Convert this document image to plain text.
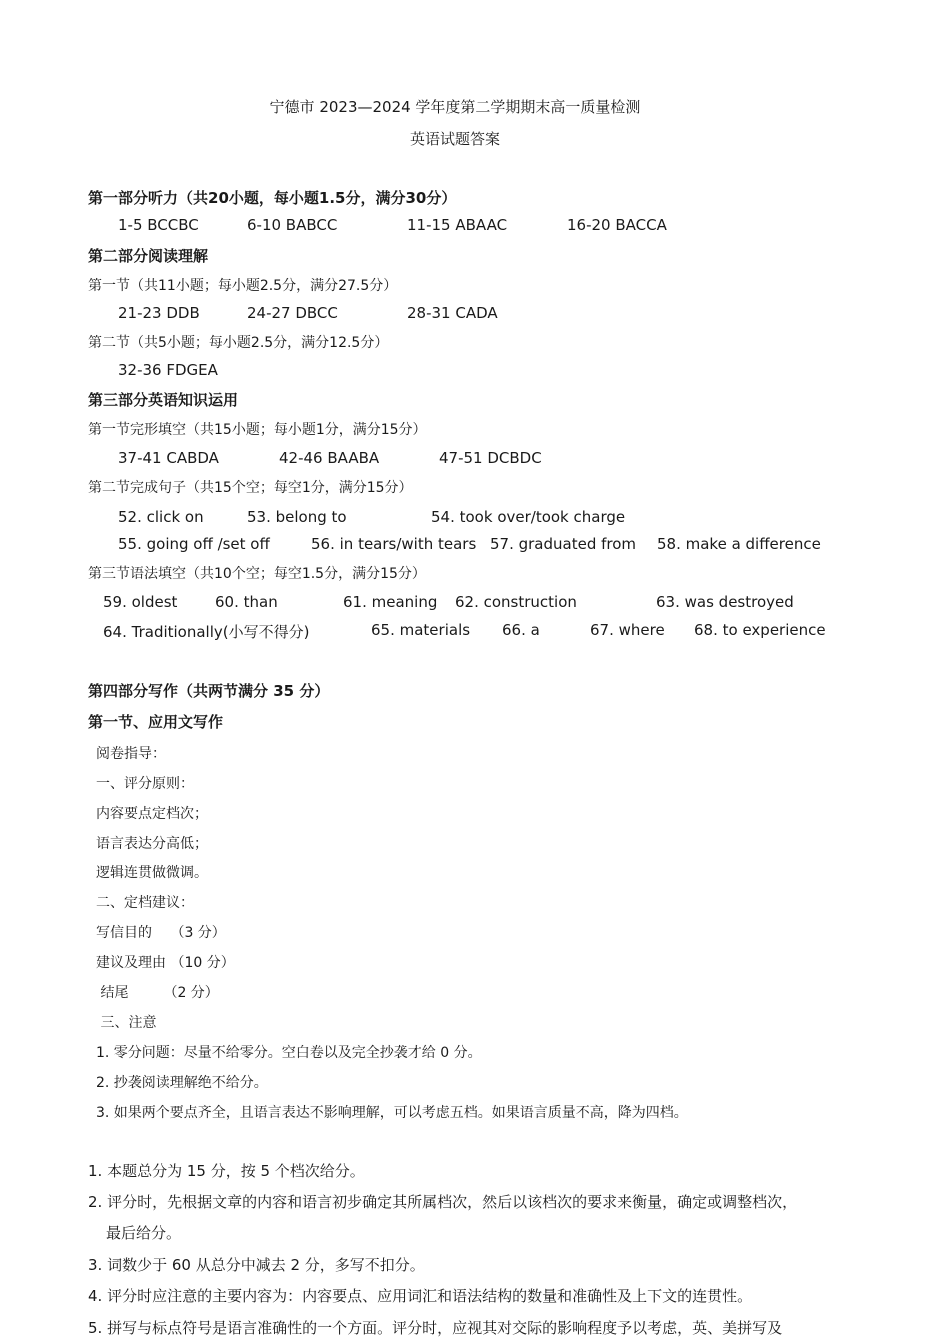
宁德市 2023—2024 学年度第二学期期末高一质量检测
英语试题答案
第一部分听力（共20小题，每小题1.5分，满分30分）
1-5 BCCBC	6-10 BABCC	11-15 ABAAC	16-20 BACCA
第二部分阅读理解
第一节（共11小题；每小题2.5分，满分27.5分）
21-23 DDB	24-27 DBCC	28-31 CADA
第二节（共5小题；每小题2.5分，满分12.5分）
32-36 FDGEA
第三部分英语知识运用
第一节完形填空（共15小题；每小题1分，满分15分）
37-41 CABDA	42-46 BAABA	47-51 DCBDC
第二节完成句子（共15个空；每空1分，满分15分）
52. click on	53. belong to	54. took over/took charge
55. going off /set off	56. in tears/with tears 57. graduated from 58. make a difference
第三节语法填空（共10个空；每空1.5分，满分15分）
59. oldest	60. than	61. meaning 62. construction	63. was destroyed
64. Traditionally(小写不得分)	65. materials 66. a	67. where 68. to experience
第四部分写作（共两节满分 35 分）
第一节、应用文写作
阅卷指导：
一、评分原则：
内容要点定档次；
语言表达分高低；
逻辑连贯做微调。
二、定档建议：
写信目的　 （3 分）
建议及理由 （10 分）
结尾　　　（2 分）
三、注意
1. 零分问题：尽量不给零分。空白卷以及完全抄袭才给 0 分。
2. 抄袭阅读理解绝不给分。
3. 如果两个要点齐全，且语言表达不影响理解，可以考虑五档。如果语言质量不高，降为四档。
1. 本题总分为 15 分，按 5 个档次给分。
2. 评分时，先根据文章的内容和语言初步确定其所属档次，然后以该档次的要求来衡量，确定或调整档次，
最后给分。
3. 词数少于 60 从总分中减去 2 分，多写不扣分。
4. 评分时应注意的主要内容为：内容要点、应用词汇和语法结构的数量和准确性及上下文的连贯性。
5. 拼写与标点符号是语言准确性的一个方面。评分时，应视其对交际的影响程度予以考虑，英、美拼写及
